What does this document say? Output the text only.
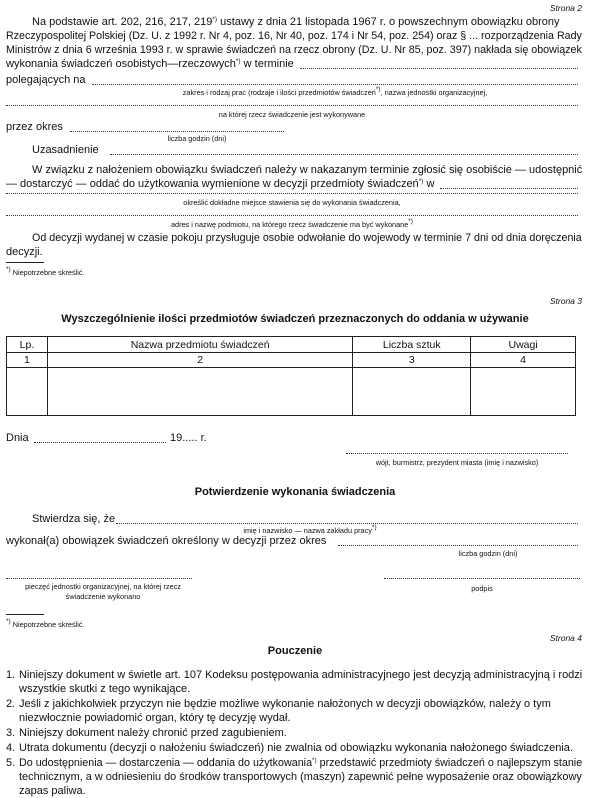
Strona 2
Na podstawie art. 202, 216, 217, 219*) ustawy z dnia 21 listopada 1967 r. o powszechnym obowiązku obrony
Rzeczypospolitej Polskiej (Dz. U. z 1992 r. Nr 4, poz. 16, Nr 40, poz. 174 i Nr 54, poz. 254) oraz § ... rozporządzenia Rady
Ministrów z dnia 6 września 1993 r. w sprawie świadczeń na rzecz obrony (Dz. U. Nr 85, poz. 397) nakłada się obowiązek
wykonania świadczeń osobistych—rzeczowych*) w terminie
polegających na
zakres i rodzaj prac (rodzaje i ilości przedmiotów świadczeń*), nazwa jednostki organizacyjnej,
na której rzecz świadczenie jest wykonywane
przez okres
liczba godzin (dni)
Uzasadnienie
W związku z nałożeniem obowiązku świadczeń należy w nakazanym terminie zgłosić się osobiście — udostępnić
— dostarczyć — oddać do użytkowania wymienione w decyzji przedmioty świadczeń*) w
określić dokładne miejsce stawienia się do wykonania świadczenia,
adres i nazwę podmiotu, na którego rzecz świadczenie ma być wykonane*)
Od decyzji wydanej w czasie pokoju przysługuje osobie odwołanie do wojewody w terminie 7 dni od dnia doręczenia
decyzji.
*) Niepotrzebne skreślić.
Strona 3
Wyszczególnienie ilości przedmiotów świadczeń przeznaczonych do oddania w używanie
Lp.	Nazwa przedmiotu świadczeń	Liczba sztuk	Uwagi
1	2	3	4

Dnia	19..... r.
wójt, burmistrz, prezydent miasta (imię i nazwisko)
Potwierdzenie wykonania świadczenia
Stwierdza się, że
imię i nazwisko — nazwa zakładu pracy*)
wykonał(a) obowiązek świadczeń określony w decyzji przez okres
liczba godzin (dni)
pieczęć jednostki organizacyjnej, na której rzecz
świadczenie wykonano
podpis
*) Niepotrzebne skreślić.
Strona 4
Pouczenie
1. Niniejszy dokument w świetle art. 107 Kodeksu postępowania administracyjnego jest decyzją administracyjną i rodzi
wszystkie skutki z tego wynikające.
2. Jeśli z jakichkolwiek przyczyn nie będzie możliwe wykonanie nałożonych w decyzji obowiązków, należy o tym
niezwłocznie powiadomić organ, który tę decyzję wydał.
3. Niniejszy dokument należy chronić przed zagubieniem.
4. Utrata dokumentu (decyzji o nałożeniu świadczeń) nie zwalnia od obowiązku wykonania nałożonego świadczenia.
5. Do udostępnienia — dostarczenia — oddania do użytkowania*) przedstawić przedmioty świadczeń o najlepszym stanie
technicznym, a w odniesieniu do środków transportowych (maszyn) zapewnić pełne wyposażenie oraz obowiązkowy
zapas paliwa.
